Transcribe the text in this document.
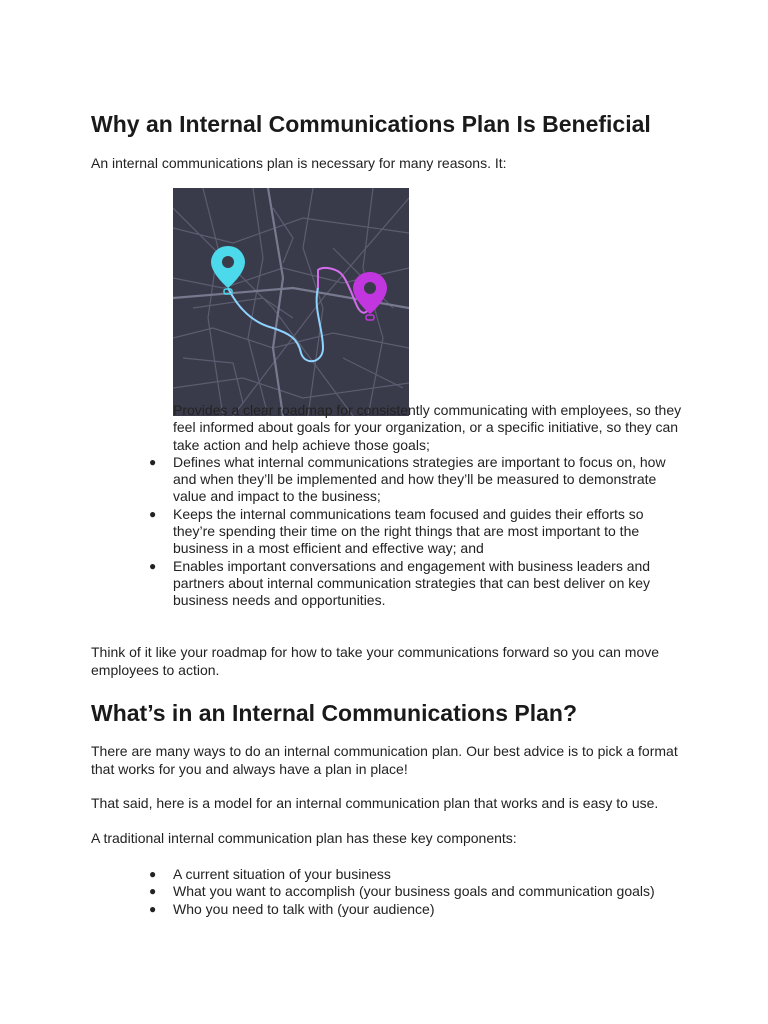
Why an Internal Communications Plan Is Beneficial

An internal communications plan is necessary for many reasons. It:

Provides a clear roadmap for consistently communicating with employees, so they feel informed about goals for your organization, or a specific initiative, so they can take action and help achieve those goals;
● Defines what internal communications strategies are important to focus on, how and when they’ll be implemented and how they’ll be measured to demonstrate value and impact to the business;
● Keeps the internal communications team focused and guides their efforts so they’re spending their time on the right things that are most important to the business in a most efficient and effective way; and
● Enables important conversations and engagement with business leaders and partners about internal communication strategies that can best deliver on key business needs and opportunities.

Think of it like your roadmap for how to take your communications forward so you can move employees to action.

What’s in an Internal Communications Plan?

There are many ways to do an internal communication plan. Our best advice is to pick a format that works for you and always have a plan in place!

That said, here is a model for an internal communication plan that works and is easy to use.

A traditional internal communication plan has these key components:

● A current situation of your business
● What you want to accomplish (your business goals and communication goals)
● Who you need to talk with (your audience)
